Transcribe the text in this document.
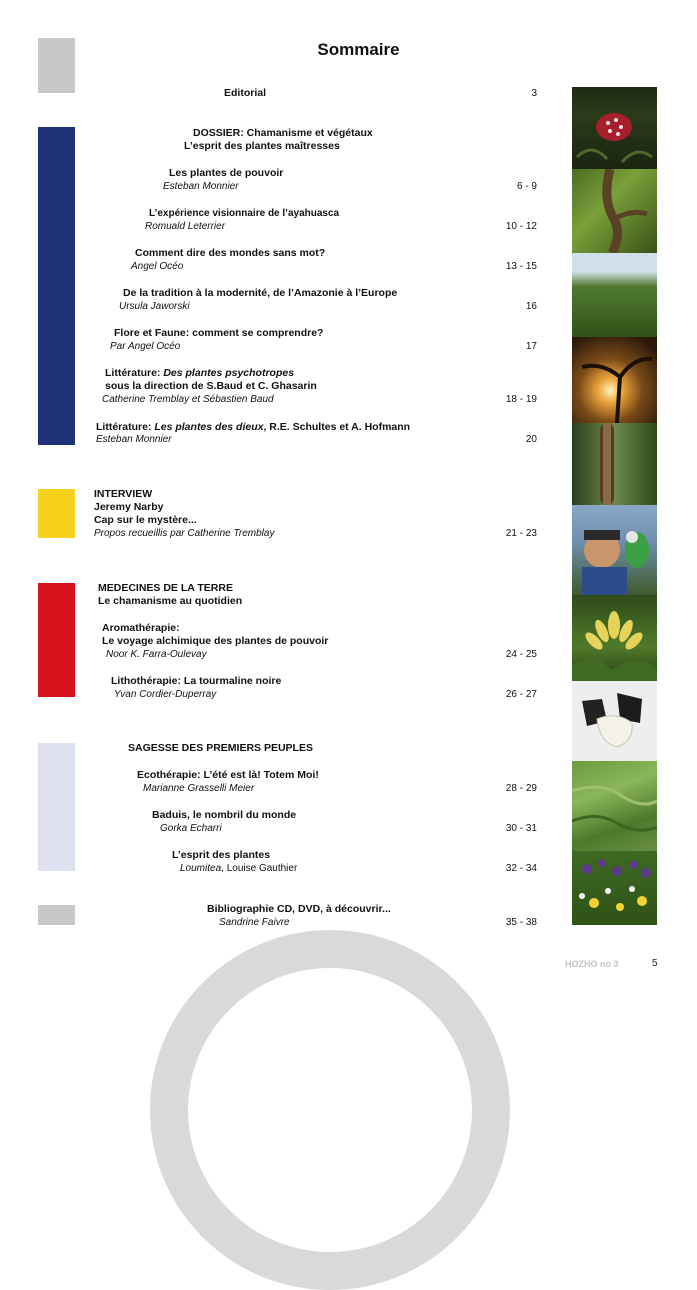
Sommaire
Editorial	3
DOSSIER: Chamanisme et végétaux
L’esprit des plantes maîtresses
Les plantes de pouvoir
Esteban Monnier	6 - 9
L’expérience visionnaire de l’ayahuasca
Romuald Leterrier	10 - 12
Comment dire des mondes sans mot?
Angel Océo	13 - 15
De la tradition à la modernité, de l’Amazonie à l’Europe
Ursula Jaworski	16
Flore et Faune: comment se comprendre?
Par Angel Océo	17
Littérature: Des plantes psychotropes
sous la direction de S.Baud et C. Ghasarin
Catherine Tremblay et Sébastien Baud	18 - 19
Littérature: Les plantes des dieux, R.E. Schultes et A. Hofmann
Esteban Monnier	20
INTERVIEW
Jeremy Narby
Cap sur le mystère...
Propos recueillis par Catherine Tremblay	21 - 23
MEDECINES DE LA TERRE
Le chamanisme au quotidien
Aromathérapie:
Le voyage alchimique des plantes de pouvoir
Noor K. Farra-Oulevay	24 - 25
Lithothérapie: La tourmaline noire
Yvan Cordier-Duperray	26 - 27
SAGESSE DES PREMIERS PEUPLES
Ecothérapie: L’été est là! Totem Moi!
Marianne Grasselli Meier	28 - 29
Baduis, le nombril du monde
Gorka Echarri	30 - 31
L’esprit des plantes
Loumitea, Louise Gauthier	32 - 34
Bibliographie CD, DVD, à découvrir...
Sandrine Faivre	35 - 38
HOZHO no 3	5
